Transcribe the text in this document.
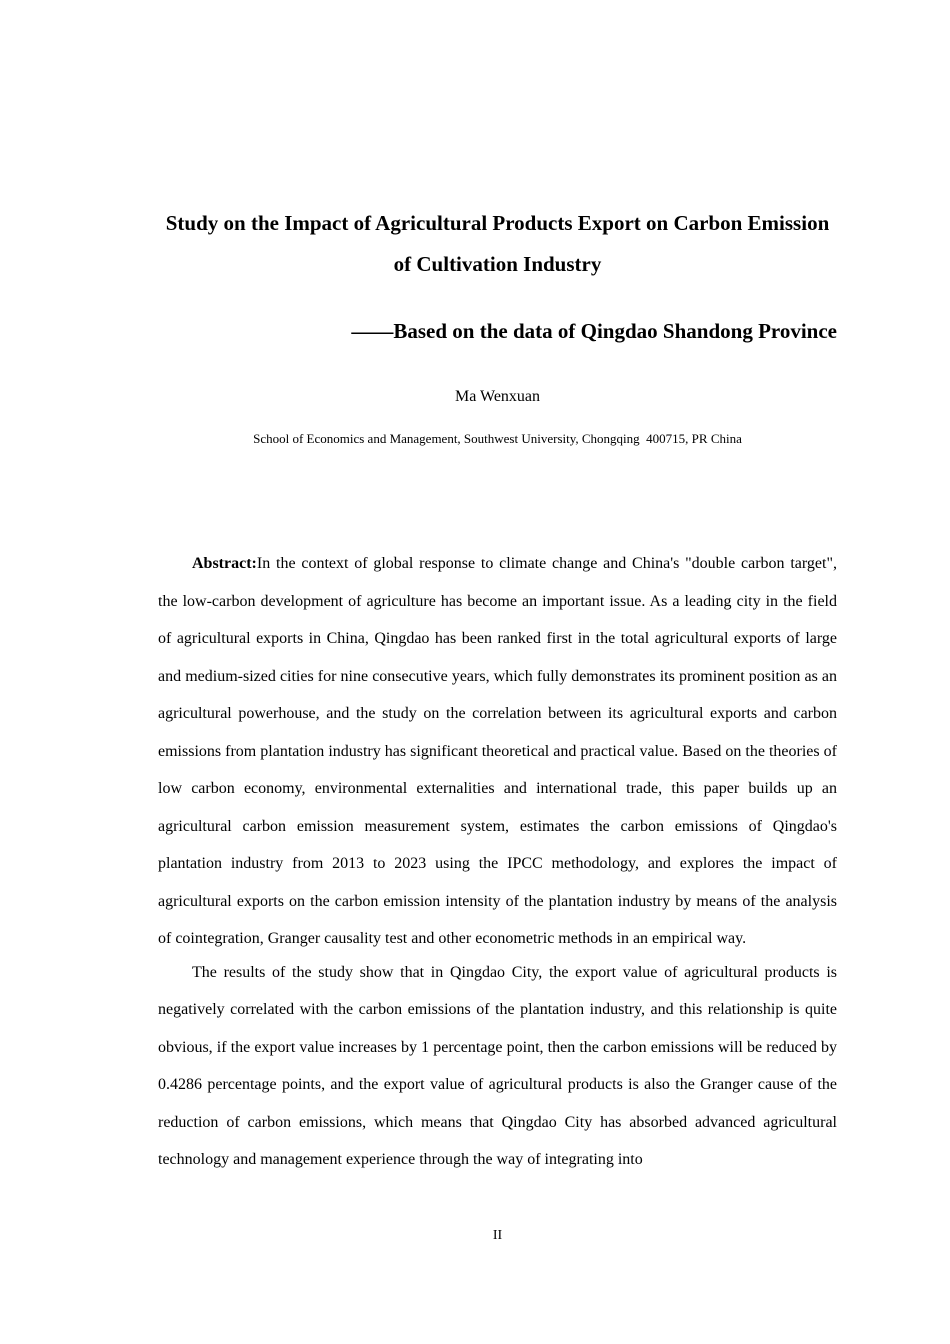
Study on the Impact of Agricultural Products Export on Carbon Emission of Cultivation Industry
——Based on the data of Qingdao Shandong Province

Ma Wenxuan

School of Economics and Management, Southwest University, Chongqing  400715, PR China

Abstract:In the context of global response to climate change and China's "double carbon target", the low-carbon development of agriculture has become an important issue. As a leading city in the field of agricultural exports in China, Qingdao has been ranked first in the total agricultural exports of large and medium-sized cities for nine consecutive years, which fully demonstrates its prominent position as an agricultural powerhouse, and the study on the correlation between its agricultural exports and carbon emissions from plantation industry has significant theoretical and practical value. Based on the theories of low carbon economy, environmental externalities and international trade, this paper builds up an agricultural carbon emission measurement system, estimates the carbon emissions of Qingdao's plantation industry from 2013 to 2023 using the IPCC methodology, and explores the impact of agricultural exports on the carbon emission intensity of the plantation industry by means of the analysis of cointegration, Granger causality test and other econometric methods in an empirical way.

The results of the study show that in Qingdao City, the export value of agricultural products is negatively correlated with the carbon emissions of the plantation industry, and this relationship is quite obvious, if the export value increases by 1 percentage point, then the carbon emissions will be reduced by 0.4286 percentage points, and the export value of agricultural products is also the Granger cause of the reduction of carbon emissions, which means that Qingdao City has absorbed advanced agricultural technology and management experience through the way of integrating into

II
